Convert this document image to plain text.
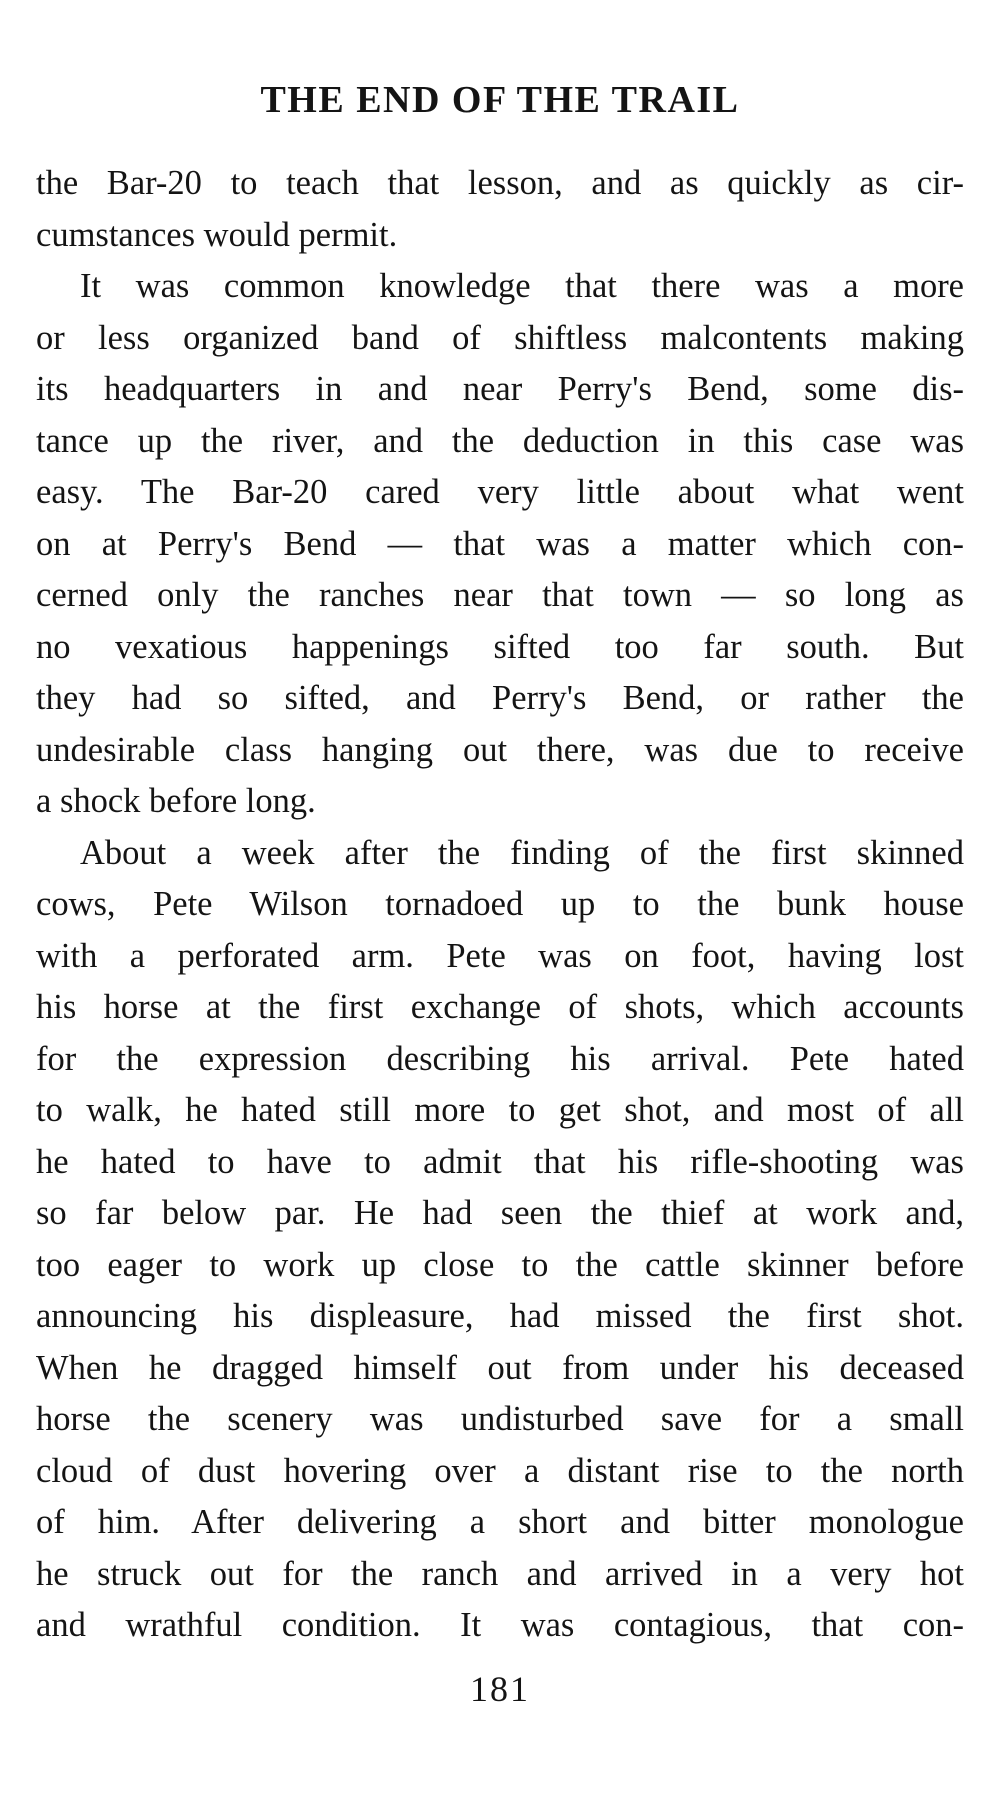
THE END OF THE TRAIL
the Bar-20 to teach that lesson, and as quickly as cir-
cumstances would permit.
It was common knowledge that there was a more
or less organized band of shiftless malcontents making
its headquarters in and near Perry's Bend, some dis-
tance up the river, and the deduction in this case was
easy. The Bar-20 cared very little about what went
on at Perry's Bend — that was a matter which con-
cerned only the ranches near that town — so long as
no vexatious happenings sifted too far south. But
they had so sifted, and Perry's Bend, or rather the
undesirable class hanging out there, was due to receive
a shock before long.
About a week after the finding of the first skinned
cows, Pete Wilson tornadoed up to the bunk house
with a perforated arm. Pete was on foot, having lost
his horse at the first exchange of shots, which accounts
for the expression describing his arrival. Pete hated
to walk, he hated still more to get shot, and most of all
he hated to have to admit that his rifle-shooting was
so far below par. He had seen the thief at work and,
too eager to work up close to the cattle skinner before
announcing his displeasure, had missed the first shot.
When he dragged himself out from under his deceased
horse the scenery was undisturbed save for a small
cloud of dust hovering over a distant rise to the north
of him. After delivering a short and bitter monologue
he struck out for the ranch and arrived in a very hot
and wrathful condition. It was contagious, that con-
181
